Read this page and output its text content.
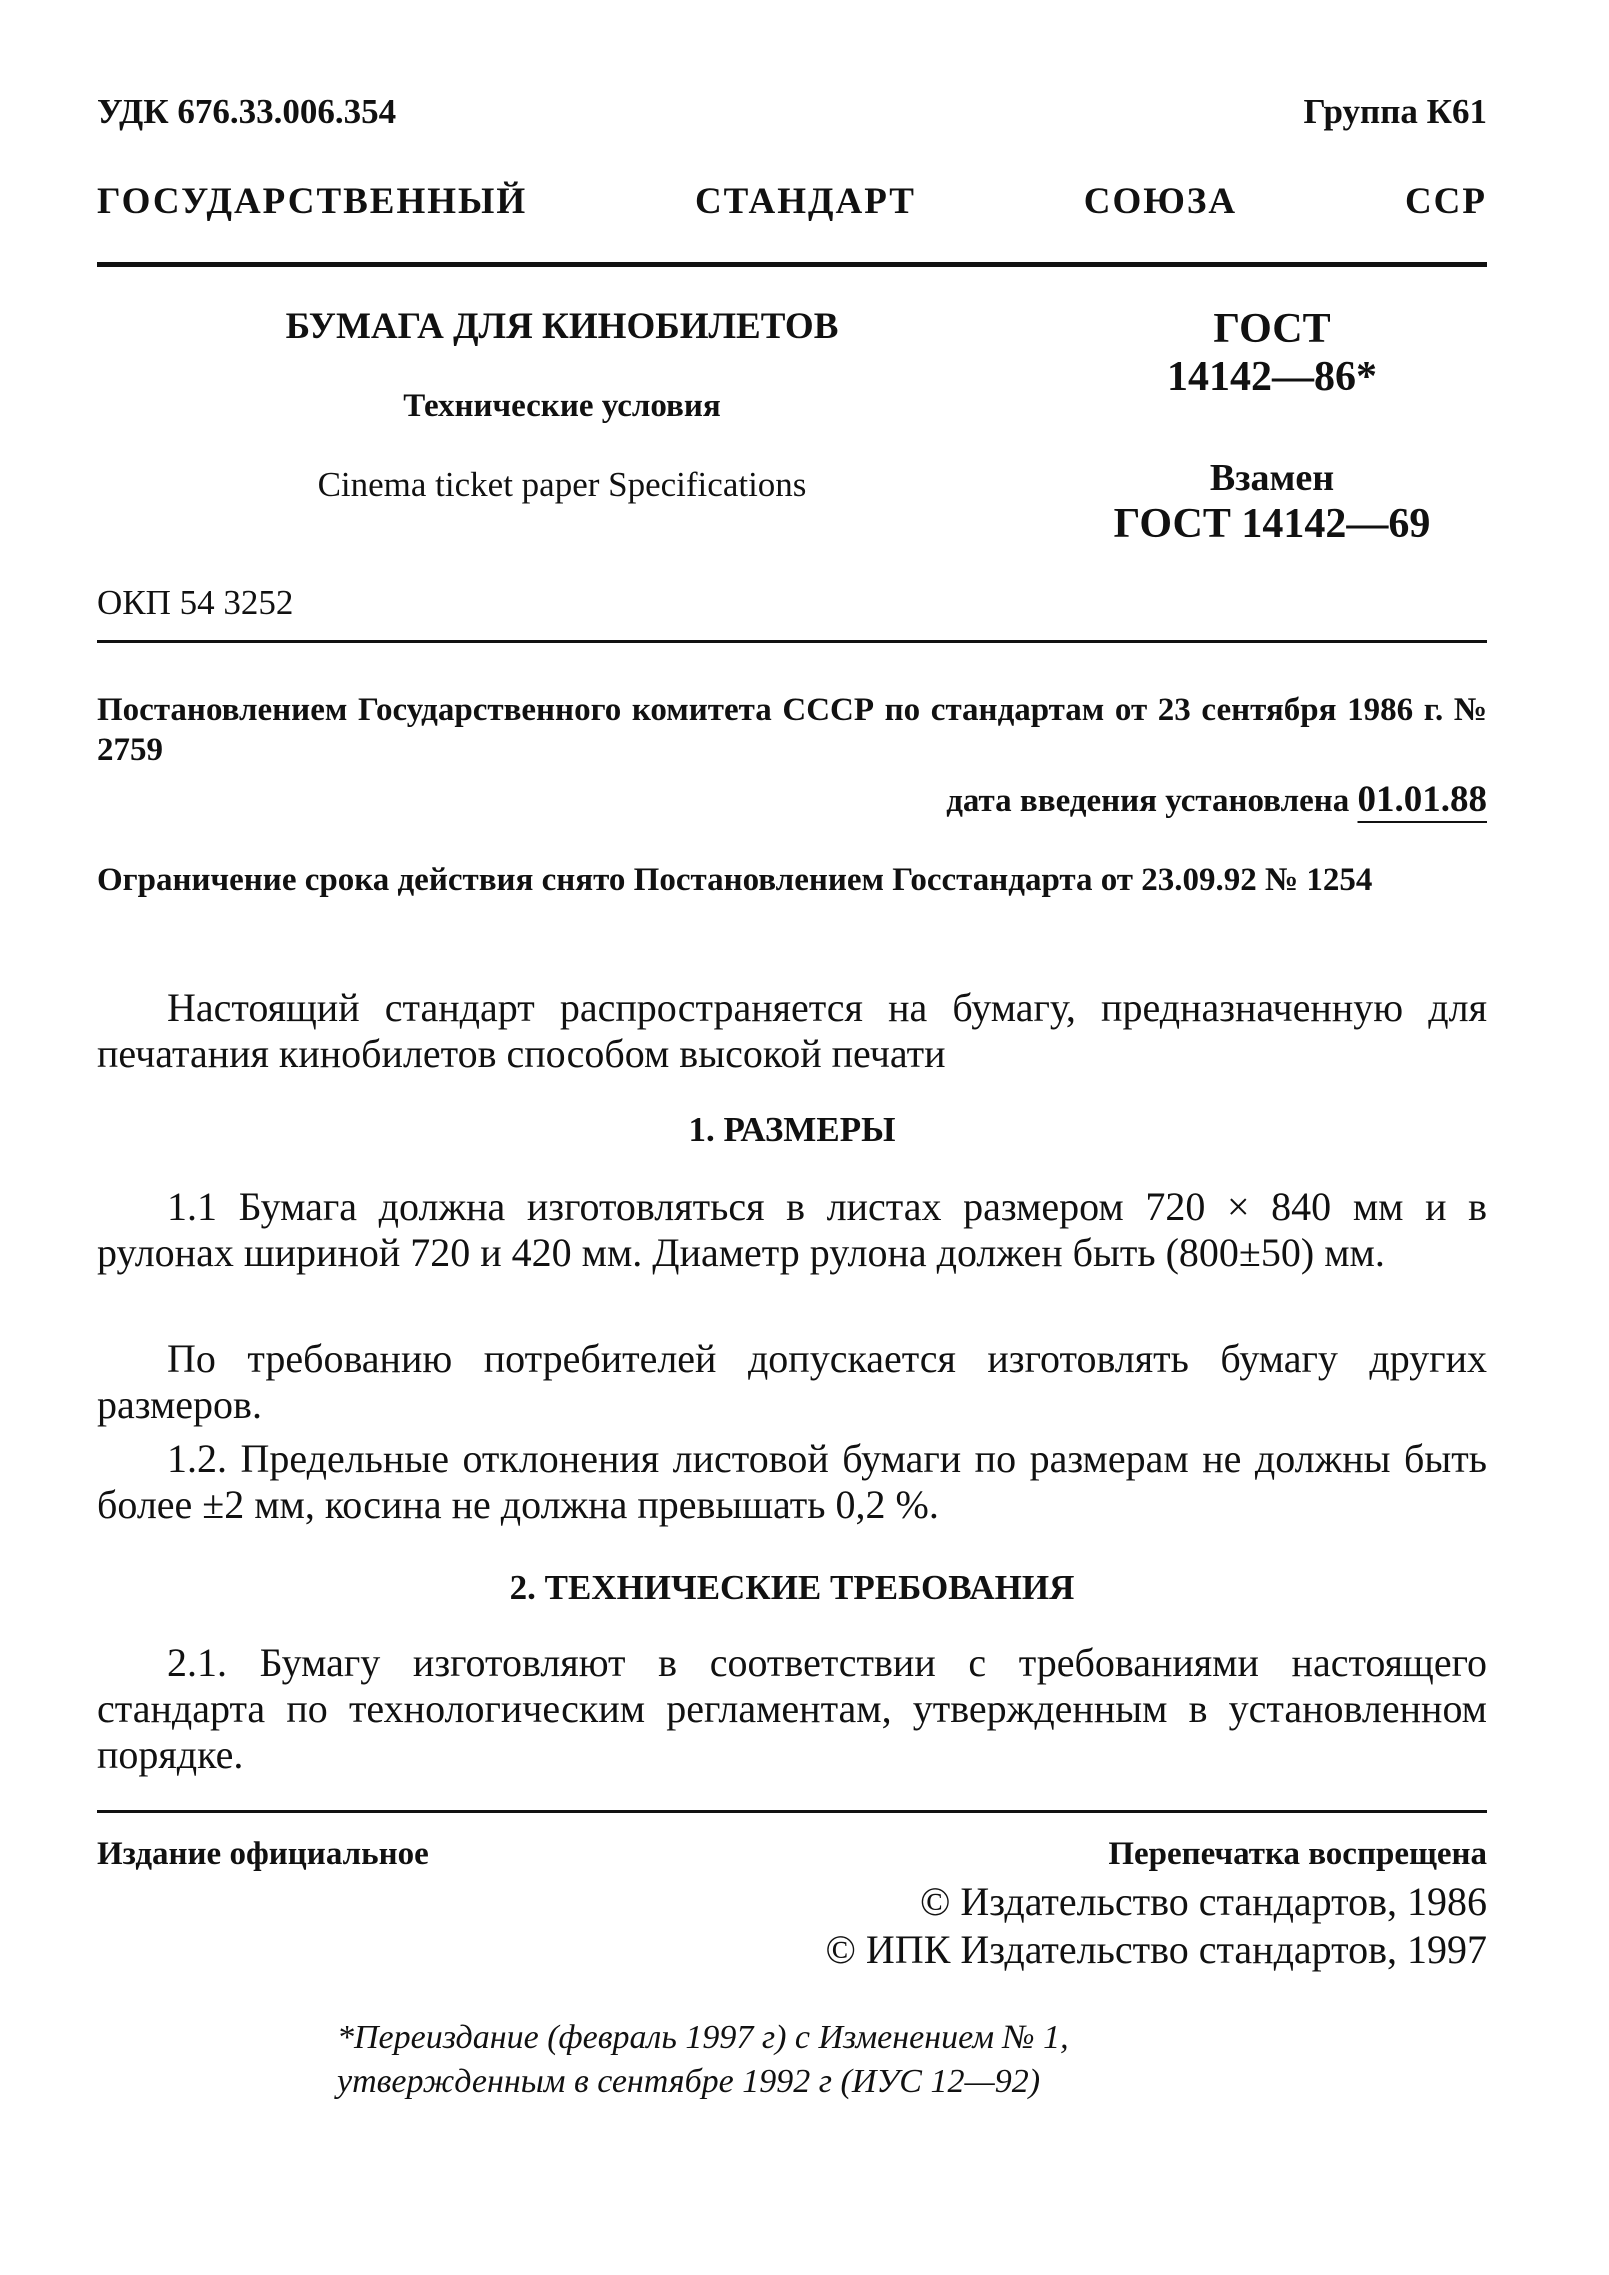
УДК 676.33.006.354	Группа К61
ГОСУДАРСТВЕННЫЙ СТАНДАРТ СОЮЗА ССР
БУМАГА ДЛЯ КИНОБИЛЕТОВ
Технические условия
Cinema ticket paper Specifications
ГОСТ
14142—86*
Взамен
ГОСТ 14142—69
ОКП 54 3252
Постановлением Государственного комитета СССР по стандартам от 23 сентября 1986 г. № 2759
дата введения установлена 01.01.88
Ограничение срока действия снято Постановлением Госстандарта от 23.09.92 № 1254
Настоящий стандарт распространяется на бумагу, предназначенную для печатания кинобилетов способом высокой печати
1. РАЗМЕРЫ
1.1 Бумага должна изготовляться в листах размером 720 × 840 мм и в рулонах шириной 720 и 420 мм. Диаметр рулона должен быть (800±50) мм.
По требованию потребителей допускается изготовлять бумагу других размеров.
1.2. Предельные отклонения листовой бумаги по размерам не должны быть более ±2 мм, косина не должна превышать 0,2 %.
2. ТЕХНИЧЕСКИЕ ТРЕБОВАНИЯ
2.1. Бумагу изготовляют в соответствии с требованиями настоящего стандарта по технологическим регламентам, утвержденным в установленном порядке.
Издание официальное	Перепечатка воспрещена
© Издательство стандартов, 1986
© ИПК Издательство стандартов, 1997
*Переиздание (февраль 1997 г) с Изменением № 1,
утвержденным в сентябре 1992 г (ИУС 12—92)
